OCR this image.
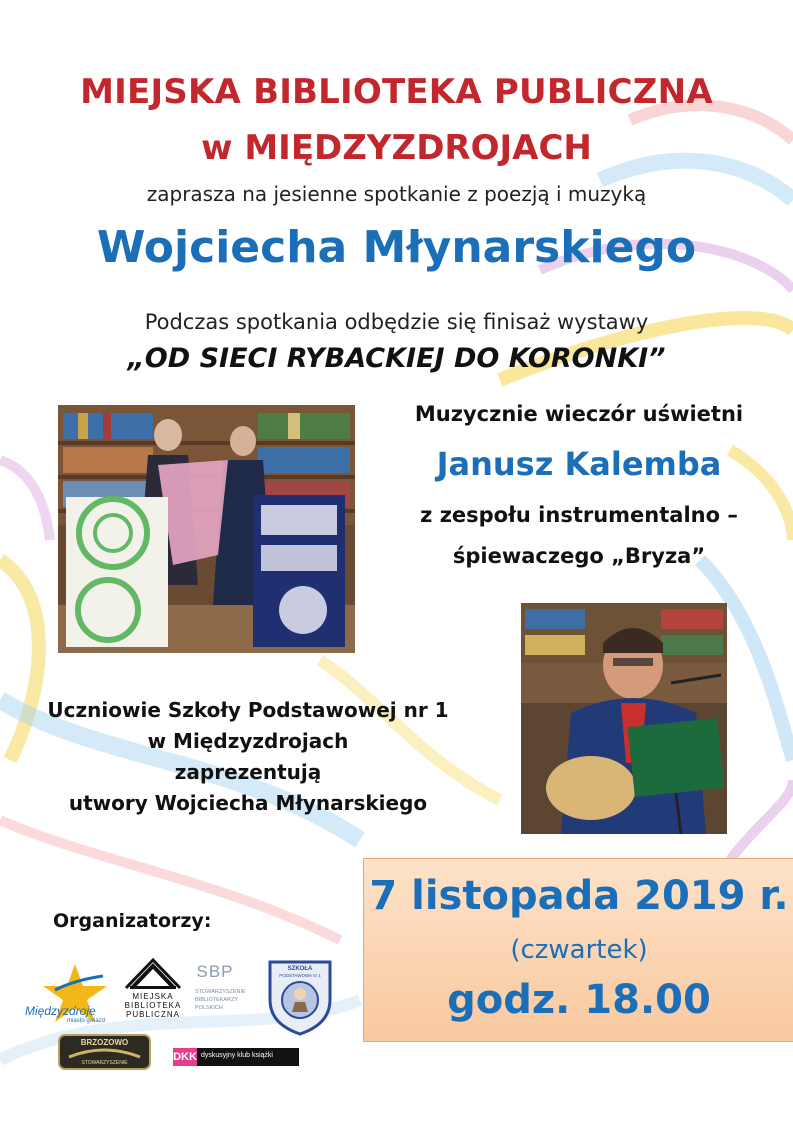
MIEJSKA BIBLIOTEKA PUBLICZNA
w MIĘDZYZDROJACH
zaprasza na jesienne spotkanie z poezją i muzyką
Wojciecha Młynarskiego
Podczas spotkania odbędzie się finisaż wystawy
„OD SIECI RYBACKIEJ DO KORONKI”
Muzycznie wieczór uświetni
Janusz Kalemba
z zespołu instrumentalno –
śpiewaczego „Bryza”
Uczniowie Szkoły Podstawowej nr 1
w Międzyzdrojach
zaprezentują
utwory Wojciecha Młynarskiego
7 listopada 2019 r.
(czwartek)
godz. 18.00
Organizatorzy:
Międzyzdroje
miasto gwiazd
MIEJSKA
BIBLIOTEKA
PUBLICZNA
SBP
STOWARZYSZENIE
BIBLIOTEKARZY
POLSKICH
SZKOŁA
PODSTAWOWA nr 1
BRZOZOWO
STOWARZYSZENIE	DKK dyskusyjny klub książki
